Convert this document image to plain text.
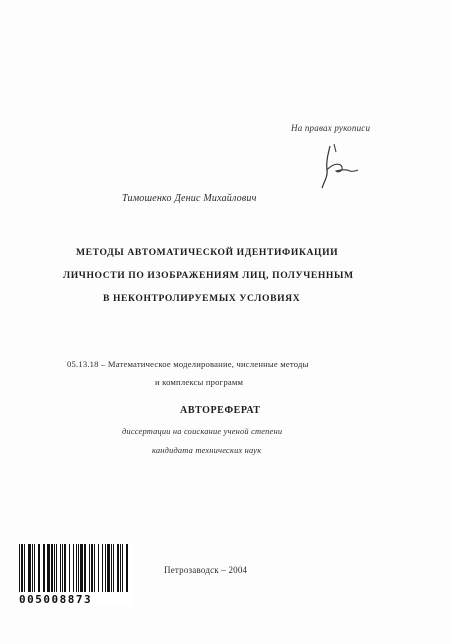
На правах рукописи
Тимошенко Денис Михайлович
МЕТОДЫ АВТОМАТИЧЕСКОЙ ИДЕНТИФИКАЦИИ
ЛИЧНОСТИ ПО ИЗОБРАЖЕНИЯМ ЛИЦ, ПОЛУЧЕННЫМ
В НЕКОНТРОЛИРУЕМЫХ УСЛОВИЯХ
05.13.18 – Математическое моделирование, численные методы
и комплексы программ
АВТОРЕФЕРАТ
диссертации на соискание ученой степени
кандидата технических наук
Петрозаводск – 2004
005008873
